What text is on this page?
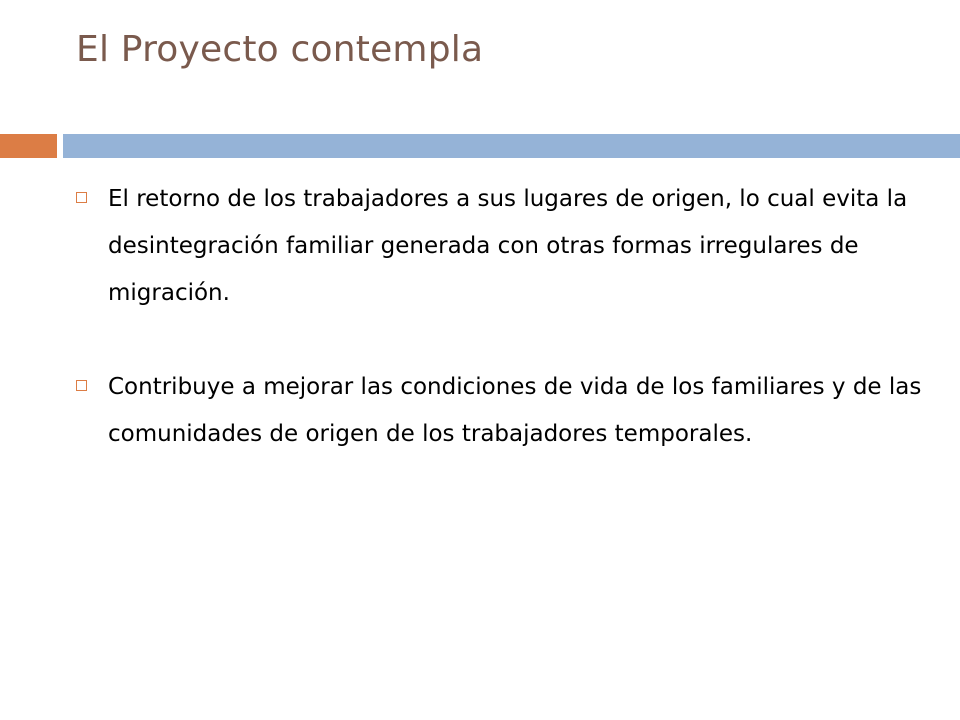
El Proyecto contempla
El retorno de los trabajadores a sus lugares de origen, lo cual evita la desintegración familiar generada con otras formas irregulares de migración.
Contribuye a mejorar las condiciones de vida de los familiares y de las comunidades de origen de los trabajadores temporales.
